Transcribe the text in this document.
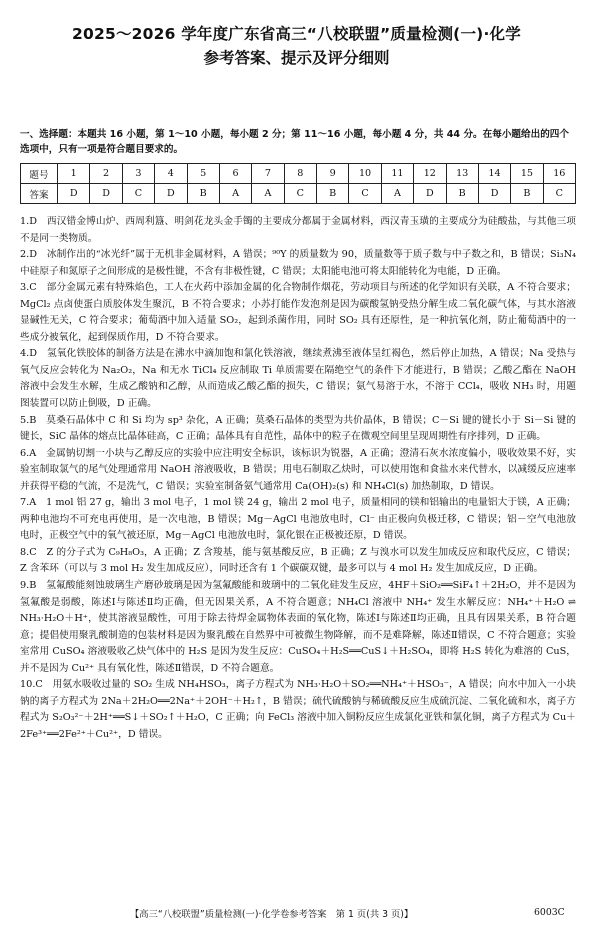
2025～2026 学年度广东省高三“八校联盟”质量检测(一)·化学
参考答案、提示及评分细则
一、选择题：本题共 16 小题，第 1～10 小题，每小题 2 分；第 11～16 小题，每小题 4 分，共 44 分。在每小题给出的四个选项中，只有一项是符合题目要求的。
题号	1	2	3	4	5	6	7	8	9	10	11	12	13	14	15	16
答案	D	D	C	D	B	A	A	C	B	C	A	D	B	D	B	C

1.D　西汉错金博山炉、西周利簋、明剑花龙头金手镯的主要成分都属于金属材料，西汉青玉璜的主要成分为硅酸盐，与其他三项不是同一类物质。

2.D　冰制作出的“冰光纤”属于无机非金属材料，A 错误；⁹⁰Y 的质量数为 90，质量数等于质子数与中子数之和，B 错误；Si₃N₄ 中硅原子和氮原子之间形成的是极性键，不含有非极性键，C 错误；太阳能电池可将太阳能转化为电能，D 正确。

3.C　部分金属元素有特殊焰色，工人在火药中添加金属的化合物制作烟花，劳动项目与所述的化学知识有关联，A 不符合要求；MgCl₂ 点卤使蛋白质胶体发生聚沉，B 不符合要求；小苏打能作发泡剂是因为碳酸氢钠受热分解生成二氧化碳气体，与其水溶液显碱性无关，C 符合要求；葡萄酒中加入适量 SO₂，起到杀菌作用，同时 SO₂ 具有还原性，是一种抗氧化剂，防止葡萄酒中的一些成分被氧化，起到保质作用，D 不符合要求。

4.D　氢氧化铁胶体的制备方法是在沸水中滴加饱和氯化铁溶液，继续煮沸至液体呈红褐色，然后停止加热，A 错误；Na 受热与氧气反应会转化为 Na₂O₂，Na 和无水 TiCl₄ 反应制取 Ti 单质需要在隔绝空气的条件下才能进行，B 错误；乙酸乙酯在 NaOH 溶液中会发生水解，生成乙酸钠和乙醇，从而造成乙酸乙酯的损失，C 错误；氨气易溶于水，不溶于 CCl₄，吸收 NH₃ 时，用题图装置可以防止倒吸，D 正确。

5.B　莫桑石晶体中 C 和 Si 均为 sp³ 杂化，A 正确；莫桑石晶体的类型为共价晶体，B 错误；C－Si 键的键长小于 Si－Si 键的键长，SiC 晶体的熔点比晶体硅高，C 正确；晶体具有自范性，晶体中的粒子在微观空间里呈现周期性有序排列，D 正确。

6.A　金属钠切割一小块与乙醇反应的实验中应注明安全标识，该标识为锐器，A 正确；澄清石灰水浓度偏小，吸收效果不好，实验室制取氯气的尾气处理通常用 NaOH 溶液吸收，B 错误；用电石制取乙炔时，可以使用饱和食盐水来代替水，以减缓反应速率并获得平稳的气流，不是洗气，C 错误；实验室制备氨气通常用 Ca(OH)₂(s) 和 NH₄Cl(s) 加热制取，D 错误。

7.A　1 mol 铝 27 g，输出 3 mol 电子，1 mol 镁 24 g，输出 2 mol 电子，质量相同的镁和铝输出的电量铝大于镁，A 正确；两种电池均不可充电再使用，是一次电池，B 错误；Mg－AgCl 电池放电时，Cl⁻ 由正极向负极迁移，C 错误；铝－空气电池放电时，正极空气中的氧气被还原，Mg－AgCl 电池放电时，氯化银在正极被还原，D 错误。

8.C　Z 的分子式为 C₉H₈O₃，A 正确；Z 含羧基，能与氨基酸反应，B 正确；Z 与溴水可以发生加成反应和取代反应，C 错误；Z 含苯环（可以与 3 mol H₂ 发生加成反应），同时还含有 1 个碳碳双键，最多可以与 4 mol H₂ 发生加成反应，D 正确。

9.B　氢氟酸能刻蚀玻璃生产磨砂玻璃是因为氢氟酸能和玻璃中的二氧化硅发生反应，4HF＋SiO₂══SiF₄↑＋2H₂O，并不是因为氢氟酸是弱酸，陈述Ⅰ与陈述Ⅱ均正确，但无因果关系，A 不符合题意；NH₄Cl 溶液中 NH₄⁺ 发生水解反应：NH₄⁺＋H₂O ⇌ NH₃·H₂O＋H⁺，使其溶液显酸性，可用于除去待焊金属物体表面的氧化物，陈述Ⅰ与陈述Ⅱ均正确，且具有因果关系，B 符合题意；提倡使用聚乳酸制造的包装材料是因为聚乳酸在自然界中可被微生物降解，而不是难降解，陈述Ⅱ错误，C 不符合题意；实验室常用 CuSO₄ 溶液吸收乙炔气体中的 H₂S 是因为发生反应：CuSO₄＋H₂S══CuS↓＋H₂SO₄，即将 H₂S 转化为难溶的 CuS，并不是因为 Cu²⁺ 具有氧化性，陈述Ⅱ错误，D 不符合题意。

10.C　用氨水吸收过量的 SO₂ 生成 NH₄HSO₃，离子方程式为 NH₃·H₂O＋SO₂══NH₄⁺＋HSO₃⁻，A 错误；向水中加入一小块钠的离子方程式为 2Na＋2H₂O══2Na⁺＋2OH⁻＋H₂↑，B 错误；硫代硫酸钠与稀硫酸反应生成硫沉淀、二氧化硫和水，离子方程式为 S₂O₃²⁻＋2H⁺══S↓＋SO₂↑＋H₂O，C 正确；向 FeCl₃ 溶液中加入铜粉反应生成氯化亚铁和氯化铜，离子方程式为 Cu＋2Fe³⁺══2Fe²⁺＋Cu²⁺，D 错误。

【高三“八校联盟”质量检测(一)·化学卷参考答案　第 1 页(共 3 页)】	6003C
